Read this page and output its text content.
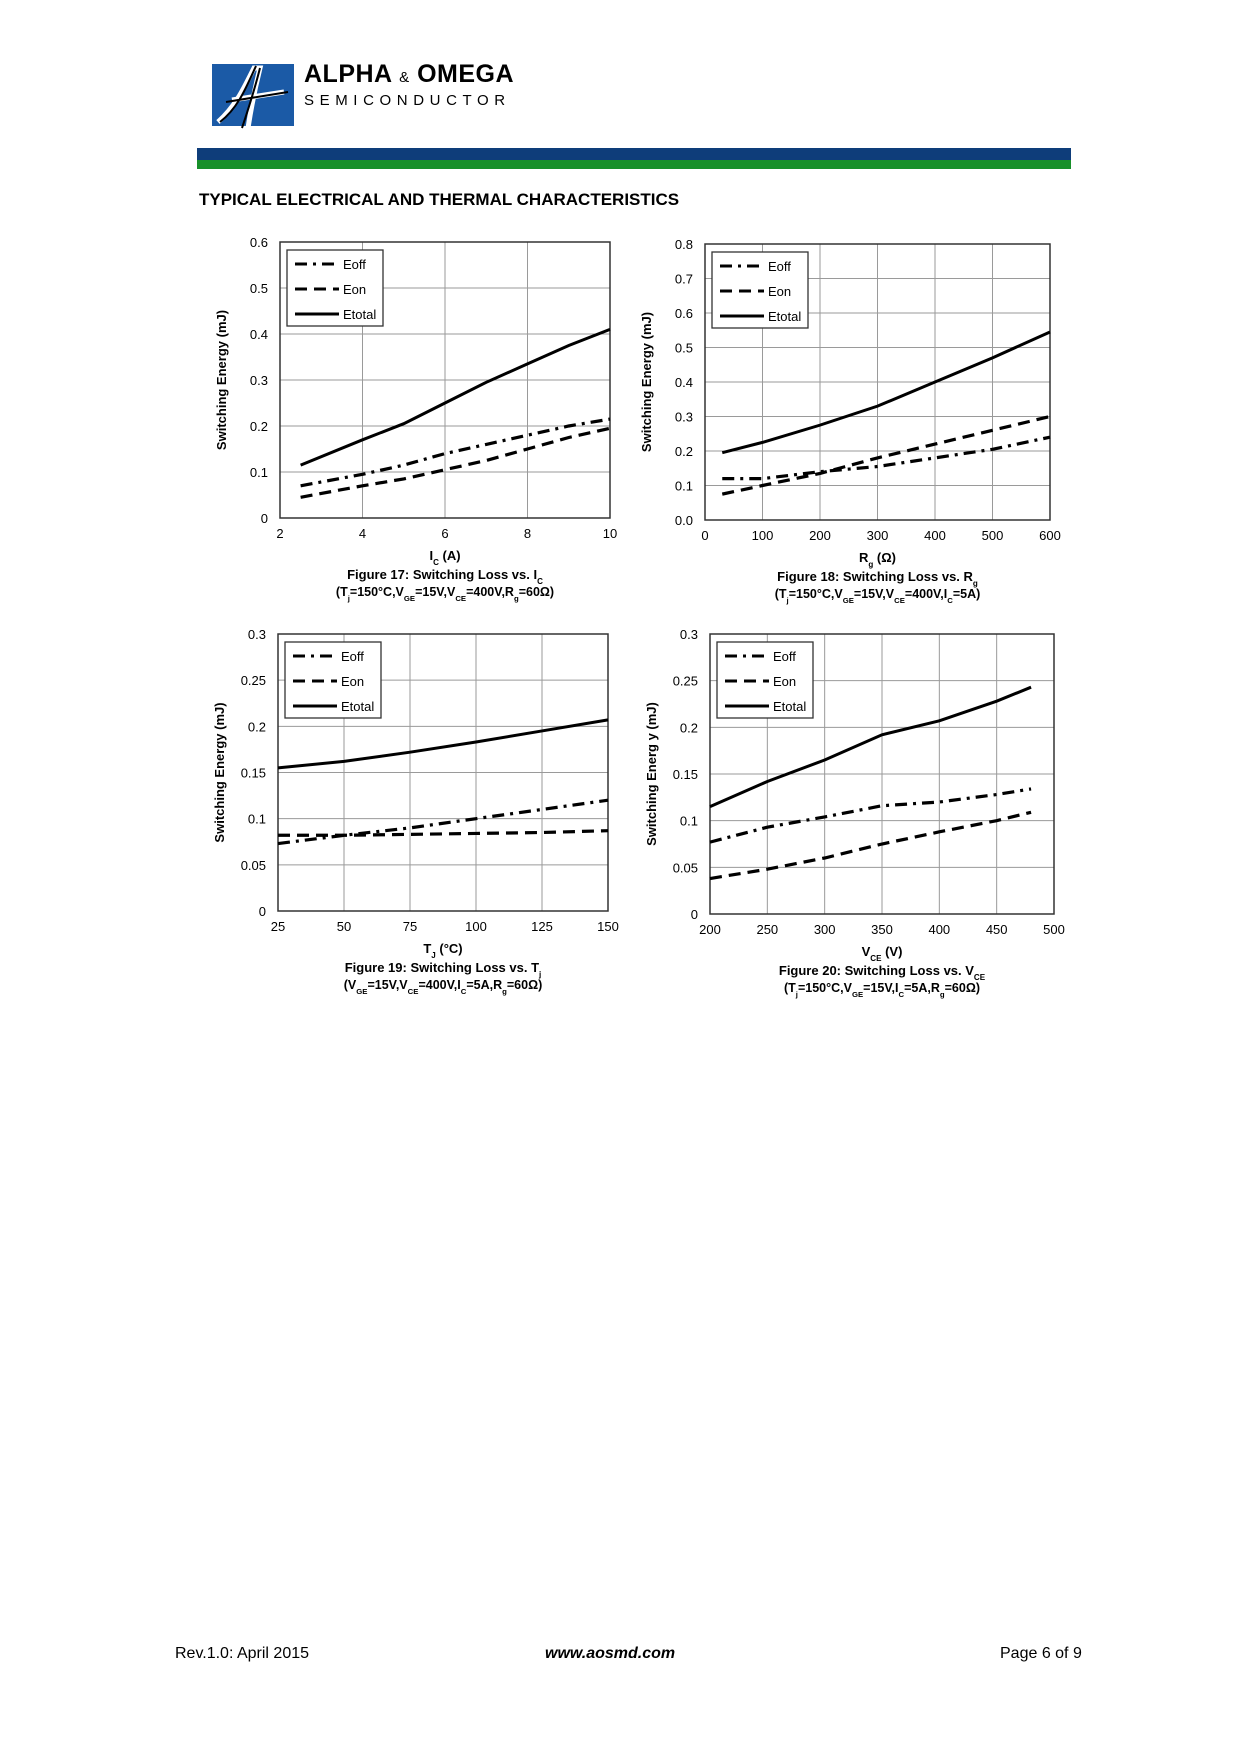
ALPHA & OMEGA
SEMICONDUCTOR
TYPICAL ELECTRICAL AND THERMAL CHARACTERISTICS
2	4	6	8	10
0
0.1
0.2
0.3
0.4
0.5
0.6
$I_C$ (A)
Switching Energy (mJ)
Figure 17: Switching Loss vs. $I_C$
$(T_j=150^\circ C,V_{GE}=15V,V_{CE}=400V,R_g=60\Omega)$
Eoff
Eon
Etotal
0	100	200	300	400	500	600
0.0
0.1
0.2
0.3
0.4
0.5
0.6
0.7
0.8
$R_g$ (Ω)
Switching Energy (mJ)
Figure 18: Switching Loss vs. $R_g$
$(T_j=150^\circ C,V_{GE}=15V,V_{CE}=400V,I_C=5A)$
Eoff
Eon
Etotal
25	50	75	100	125	150
0
0.05
0.1
0.15
0.2
0.25
0.3
$T_J$ (°C)
Switching Energy (mJ)
Figure 19: Switching Loss vs. $T_j$
$(V_{GE}=15V,V_{CE}=400V,I_C=5A,R_g=60\Omega)$
Eoff
Eon
Etotal
200	250	300	350	400	450	500
0
0.05
0.1
0.15
0.2
0.25
0.3
$V_{CE}$ (V)
Switching Energ y (mJ)
Figure 20: Switching Loss vs. $V_{CE}$
$(T_j=150^\circ C,V_{GE}=15V,I_C=5A,R_g=60\Omega)$
Eoff
Eon
Etotal
Rev.1.0: April 2015	www.aosmd.com	Page 6 of 9
